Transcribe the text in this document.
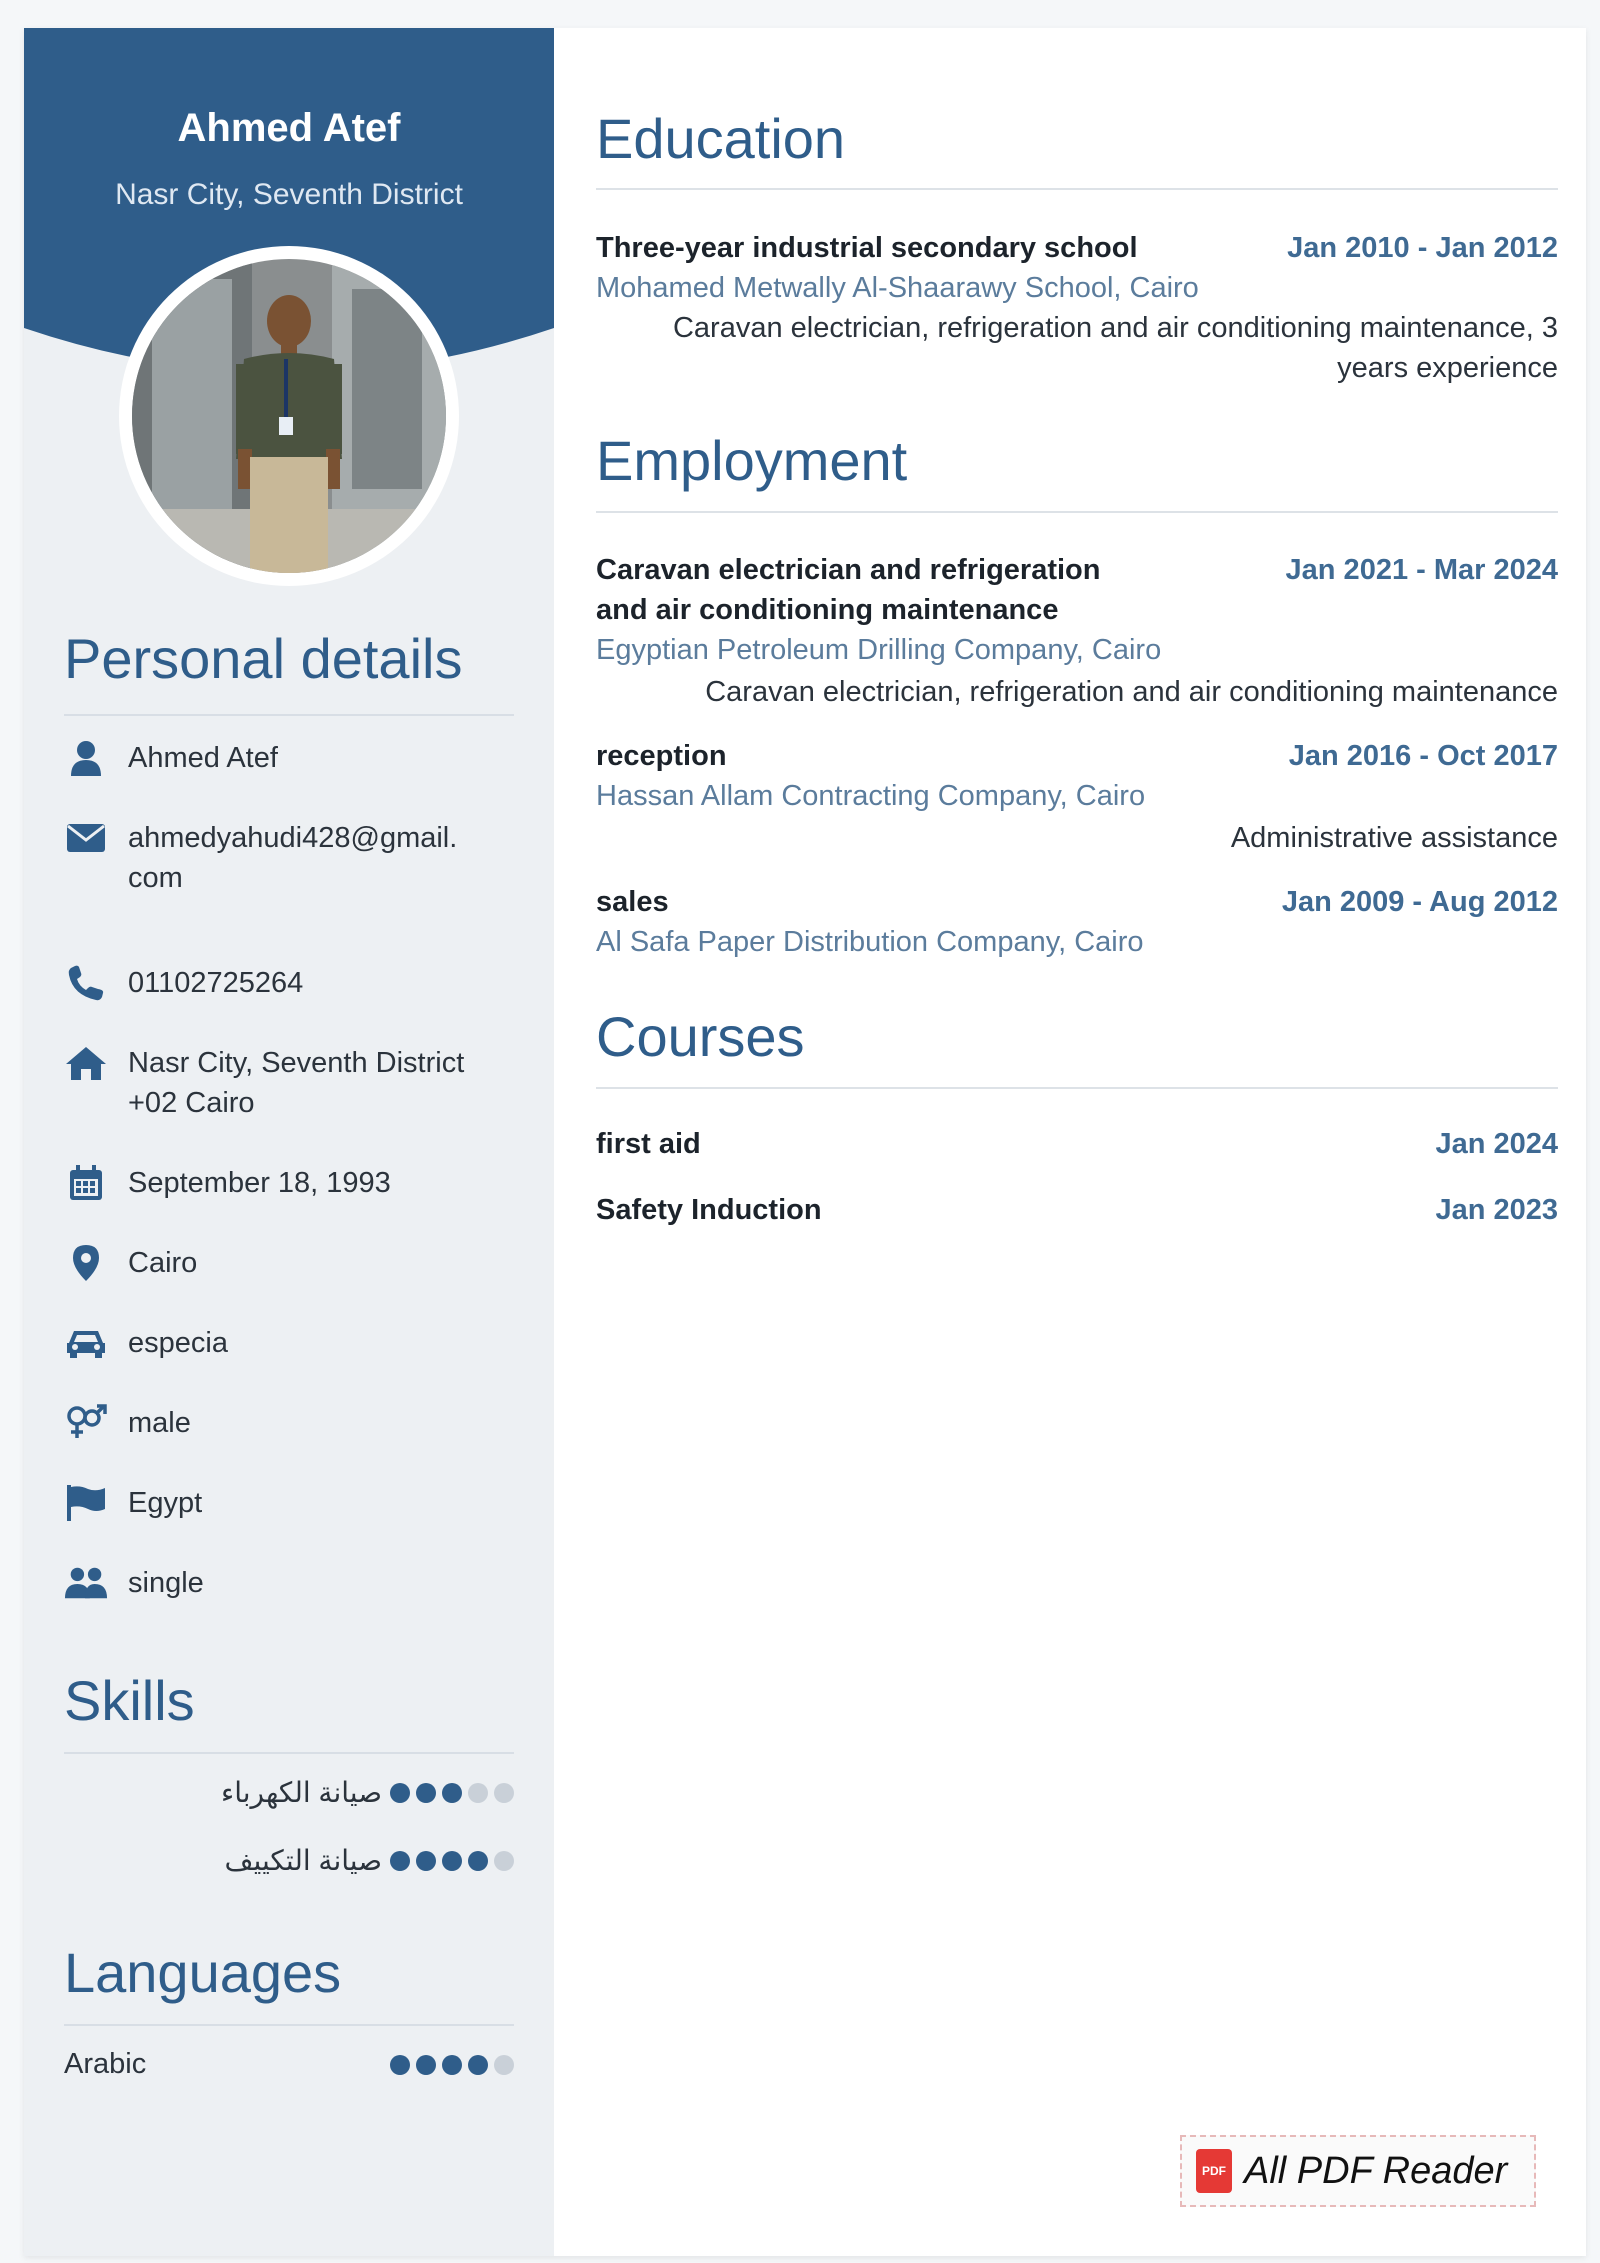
Ahmed Atef
Nasr City, Seventh District
Personal details
Ahmed Atef
ahmedyahudi428@gmail.
com
01102725264
Nasr City, Seventh District
+02 Cairo
September 18, 1993
Cairo
especia
male
Egypt
single
Skills
صيانة الكهرباء
صيانة التكييف
Languages
Arabic
Education
Three-year industrial secondary school	Jan 2010 - Jan 2012
Mohamed Metwally Al-Shaarawy School, Cairo
Caravan electrician, refrigeration and air conditioning maintenance, 3
years experience
Employment
Caravan electrician and refrigeration
and air conditioning maintenance
Jan 2021 - Mar 2024
Egyptian Petroleum Drilling Company, Cairo
Caravan electrician, refrigeration and air conditioning maintenance
reception	Jan 2016 - Oct 2017
Hassan Allam Contracting Company, Cairo
Administrative assistance
sales	Jan 2009 - Aug 2012
Al Safa Paper Distribution Company, Cairo
Courses
first aid	Jan 2024
Safety Induction	Jan 2023
PDF All PDF Reader
